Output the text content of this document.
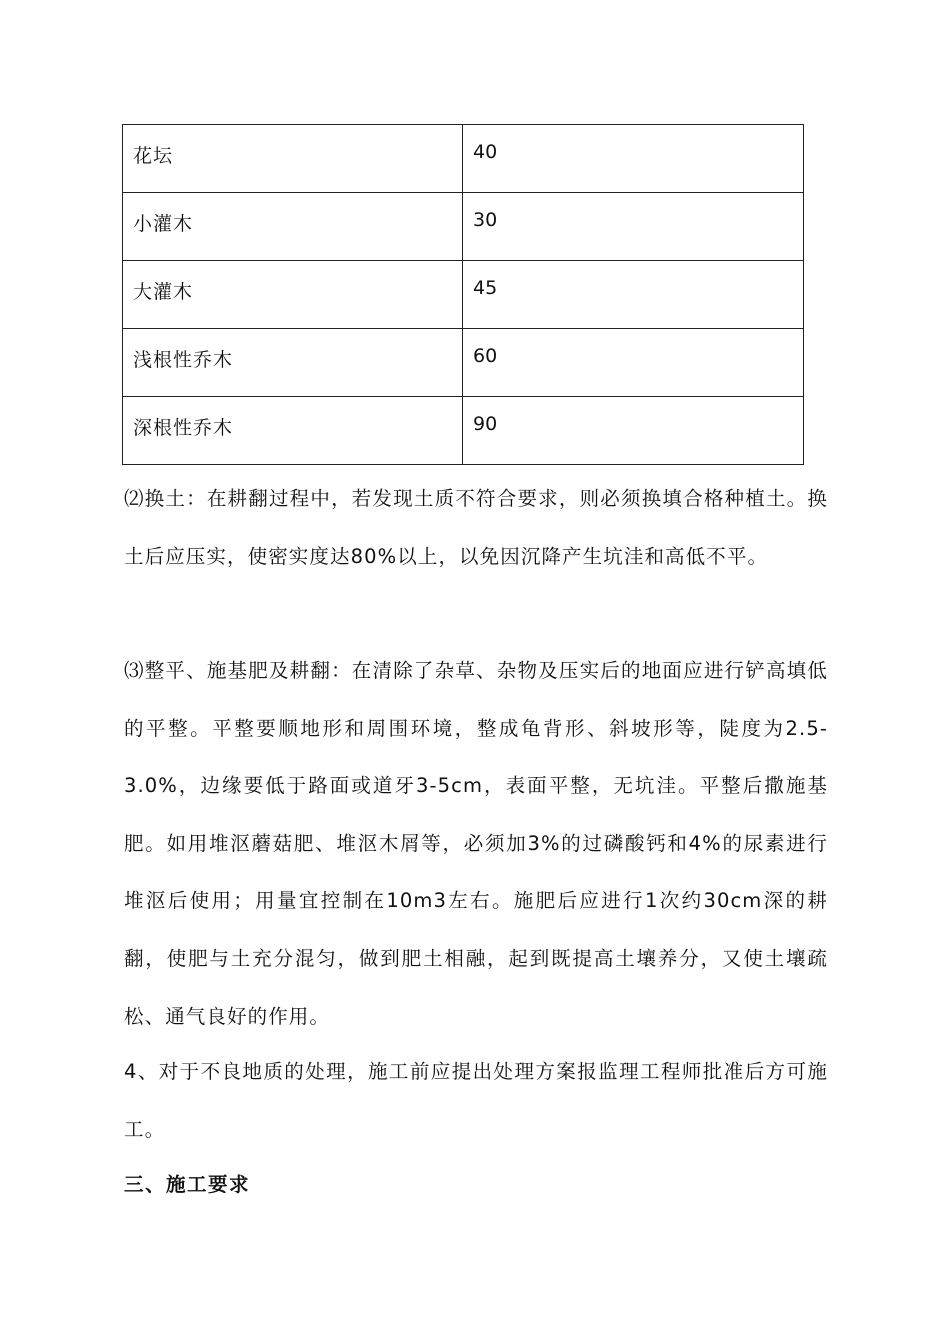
花坛	40
小灌木	30
大灌木	45
浅根性乔木	60
深根性乔木	90

⑵换土：在耕翻过程中，若发现土质不符合要求，则必须换填合格种植土。换土后应压实，使密实度达80%以上，以免因沉降产生坑洼和高低不平。

⑶整平、施基肥及耕翻：在清除了杂草、杂物及压实后的地面应进行铲高填低的平整。平整要顺地形和周围环境，整成龟背形、斜坡形等，陡度为2.5-3.0%，边缘要低于路面或道牙3-5cm，表面平整，无坑洼。平整后撒施基肥。如用堆沤蘑菇肥、堆沤木屑等，必须加3%的过磷酸钙和4%的尿素进行堆沤后使用；用量宜控制在10m3左右。施肥后应进行1次约30cm深的耕翻，使肥与土充分混匀，做到肥土相融，起到既提高土壤养分，又使土壤疏松、通气良好的作用。

4、对于不良地质的处理，施工前应提出处理方案报监理工程师批准后方可施工。

三、施工要求
